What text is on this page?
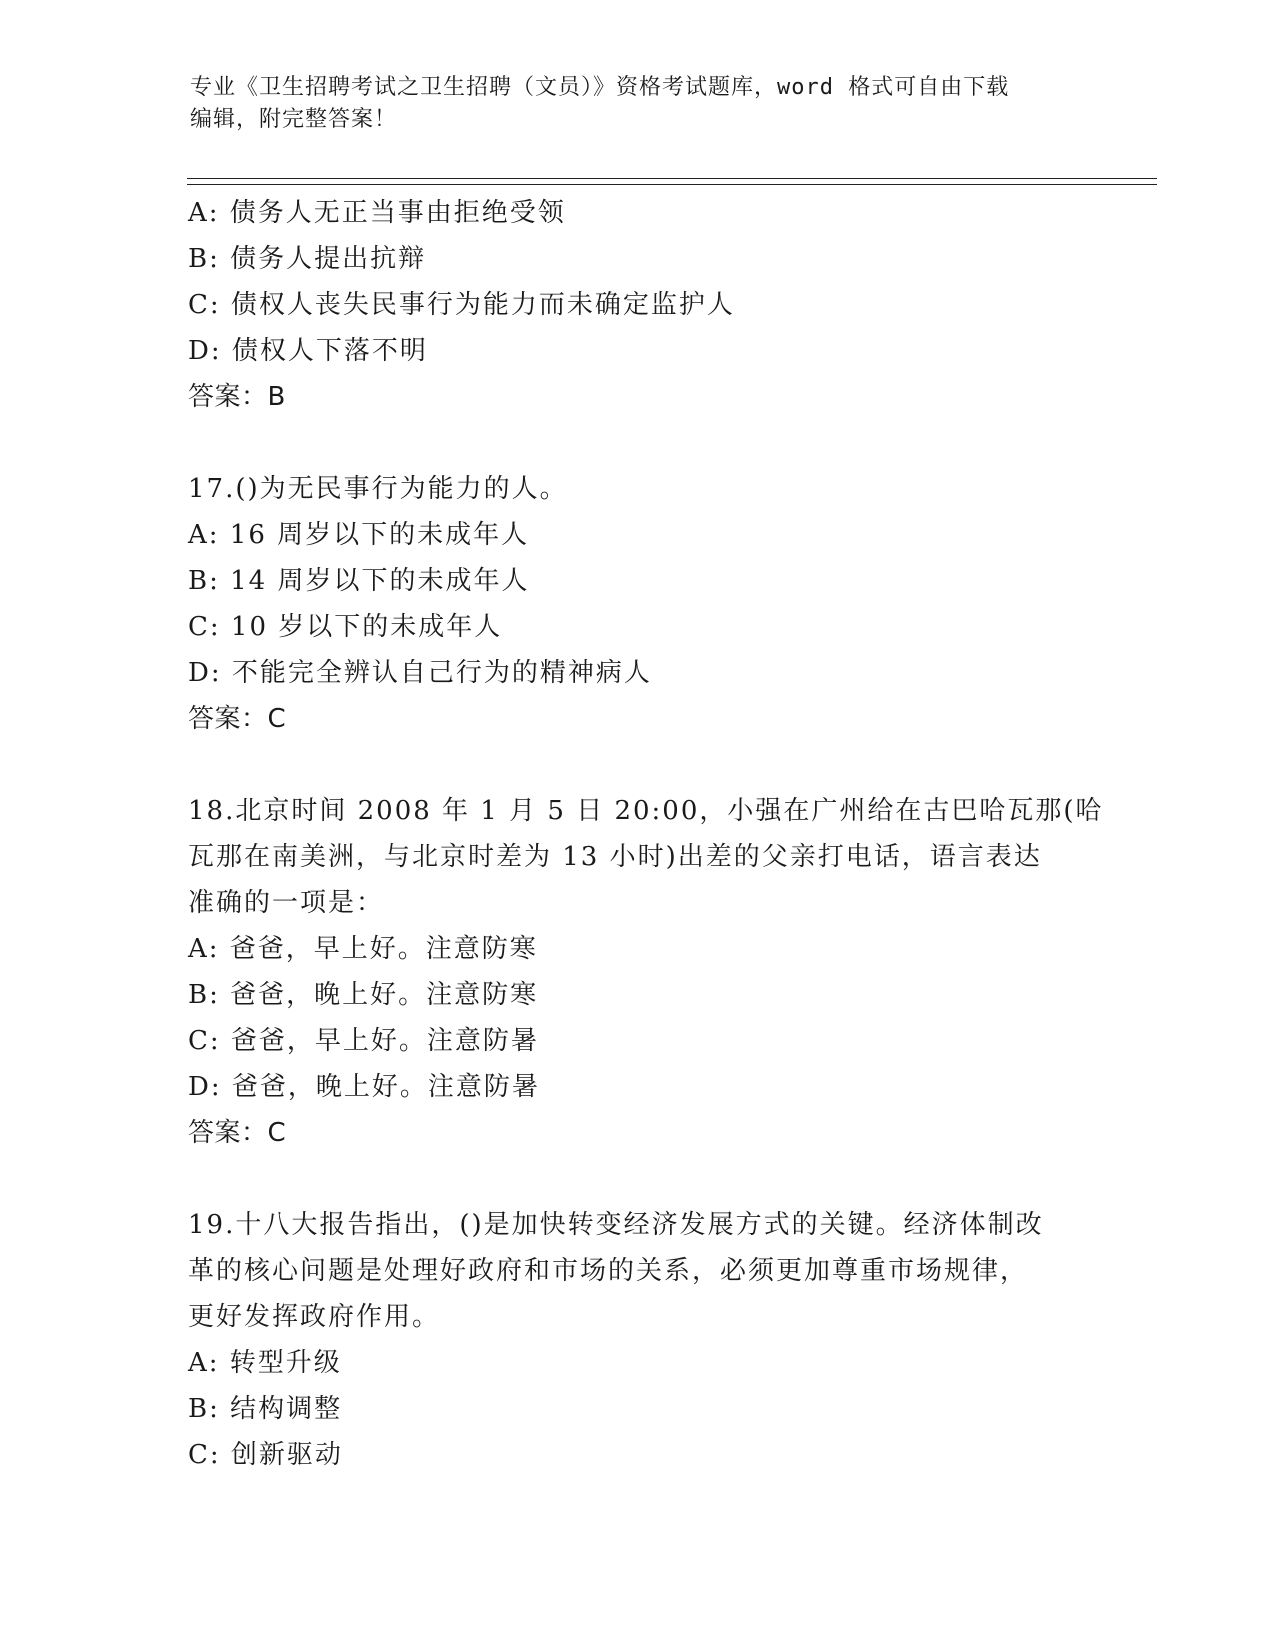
专业《卫生招聘考试之卫生招聘（文员）》资格考试题库，word 格式可自由下载
编辑，附完整答案！
A: 债务人无正当事由拒绝受领
B: 债务人提出抗辩
C: 债权人丧失民事行为能力而未确定监护人
D: 债权人下落不明
答案：B
17.()为无民事行为能力的人。
A: 16 周岁以下的未成年人
B: 14 周岁以下的未成年人
C: 10 岁以下的未成年人
D: 不能完全辨认自己行为的精神病人
答案：C
18.北京时间 2008 年 1 月 5 日 20:00，小强在广州给在古巴哈瓦那(哈
瓦那在南美洲，与北京时差为 13 小时)出差的父亲打电话，语言表达
准确的一项是：
A: 爸爸，早上好。注意防寒
B: 爸爸，晚上好。注意防寒
C: 爸爸，早上好。注意防暑
D: 爸爸，晚上好。注意防暑
答案：C
19.十八大报告指出，()是加快转变经济发展方式的关键。经济体制改
革的核心问题是处理好政府和市场的关系，必须更加尊重市场规律，
更好发挥政府作用。
A: 转型升级
B: 结构调整
C: 创新驱动
